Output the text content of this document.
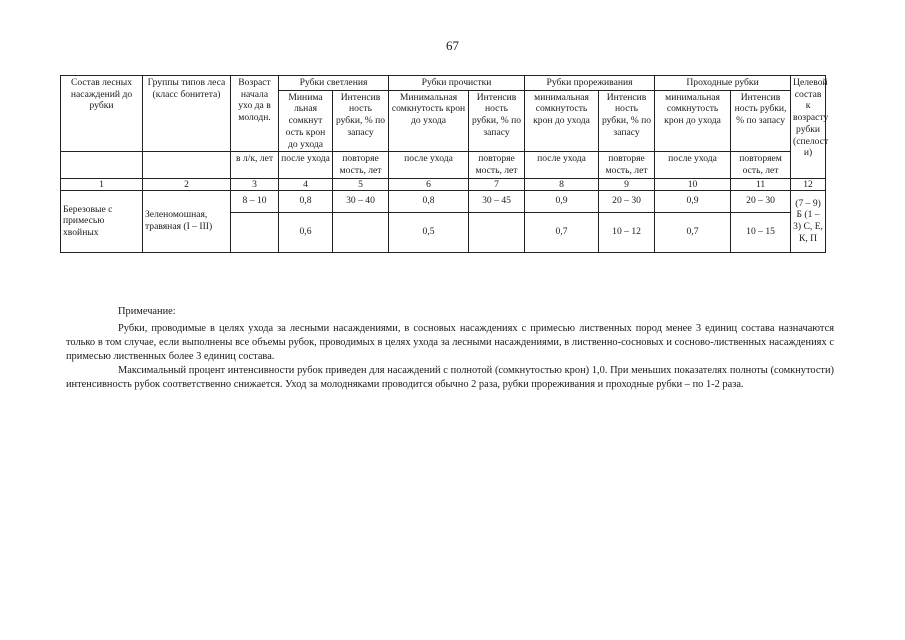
67
Состав лесных насаждений до рубки	Группы типов леса (класс бонитета)	Возраст начала ухо да в молодн.	Рубки светления		Рубки прочистки		Рубки прореживания		Проходные рубки		Целевой состав к возрасту рубки (спелост и)
			Минима льная сомкнут ость крон до ухода	Интенсив ность рубки, % по запасу	Минимальная сомкнутость крон до ухода	Интенсив ность рубки, % по запасу	минимальная сомкнутость крон до ухода	Интенсив ность рубки, % по запасу	минимальная сомкнутость крон до ухода	Интенсив ность рубки, % по запасу	
		в л/к, лет	после ухода	повторяе мость, лет	после ухода	повторяе мость, лет	после ухода	повторяе мость, лет	после ухода	повторяем ость, лет	
1	2	3	4	5	6	7	8	9	10	11	12
Березовые с примесью хвойных	Зеленомошная, травяная (I – III)	8 – 10	0,8	30 – 40	0,8	30 – 45	0,9	20 – 30	0,9	20 – 30	(7 – 9) Б (1 – 3) С, Е, К, П
			0,6		0,5		0,7	10 – 12	0,7	10 – 15	

Примечание:

Рубки, проводимые в целях ухода за лесными насаждениями, в сосновых насаждениях с примесью лиственных пород менее 3 единиц состава назначаются только в том случае, если выполнены все объемы рубок, проводимых в целях ухода за лесными насаждениями, в лиственно-сосновых и сосново-лиственных насаждениях с примесью лиственных более 3 единиц состава.

Максимальный процент интенсивности рубок приведен для насаждений с полнотой (сомкнутостью крон) 1,0. При меньших показателях полноты (сомкнутости) интенсивность рубок соответственно снижается. Уход за молодняками проводится обычно 2 раза, рубки прореживания и проходные рубки – по 1-2 раза.
